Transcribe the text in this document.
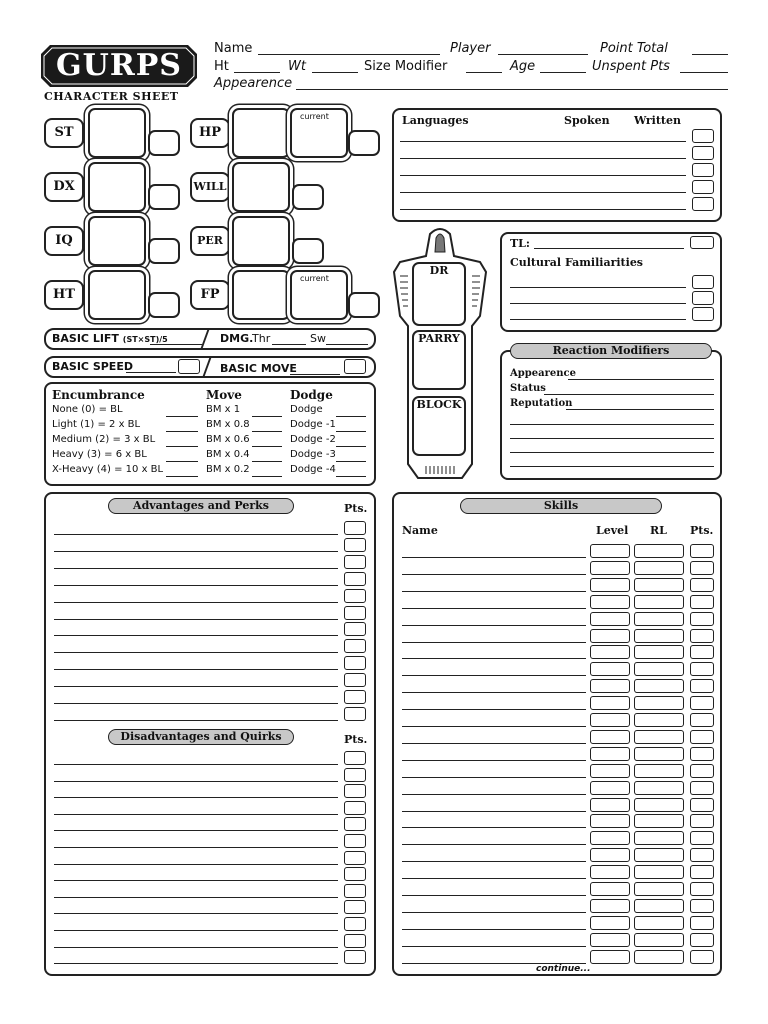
GURPS
CHARACTER SHEET
Name	Player	Point Total
Ht	Wt	Size Modifier	Age	Unspent Pts
Appearence
ST
DX
IQ
HT
HP
current
WILL
PER
FP
current
BASIC LIFT (ST×ST)/5	DMG.
Thr	Sw
BASIC SPEED	BASIC MOVE
Encumbrance	Move	Dodge
None (0) = BL	BM x 1	Dodge
Light (1) = 2 x BL	BM x 0.8	Dodge -1
Medium (2) = 3 x BL	BM x 0.6	Dodge -2
Heavy (3) = 6 x BL	BM x 0.4	Dodge -3
X-Heavy (4) = 10 x BL	BM x 0.2	Dodge -4
DR
PARRY
BLOCK
Languages	Spoken Written
TL:
Cultural Familiarities
Reaction Modifiers
Appearence
Status
Reputation
Advantages and Perks	Pts.
Disadvantages and Quirks	Pts.
Skills
Name	Level RL Pts.
continue...
